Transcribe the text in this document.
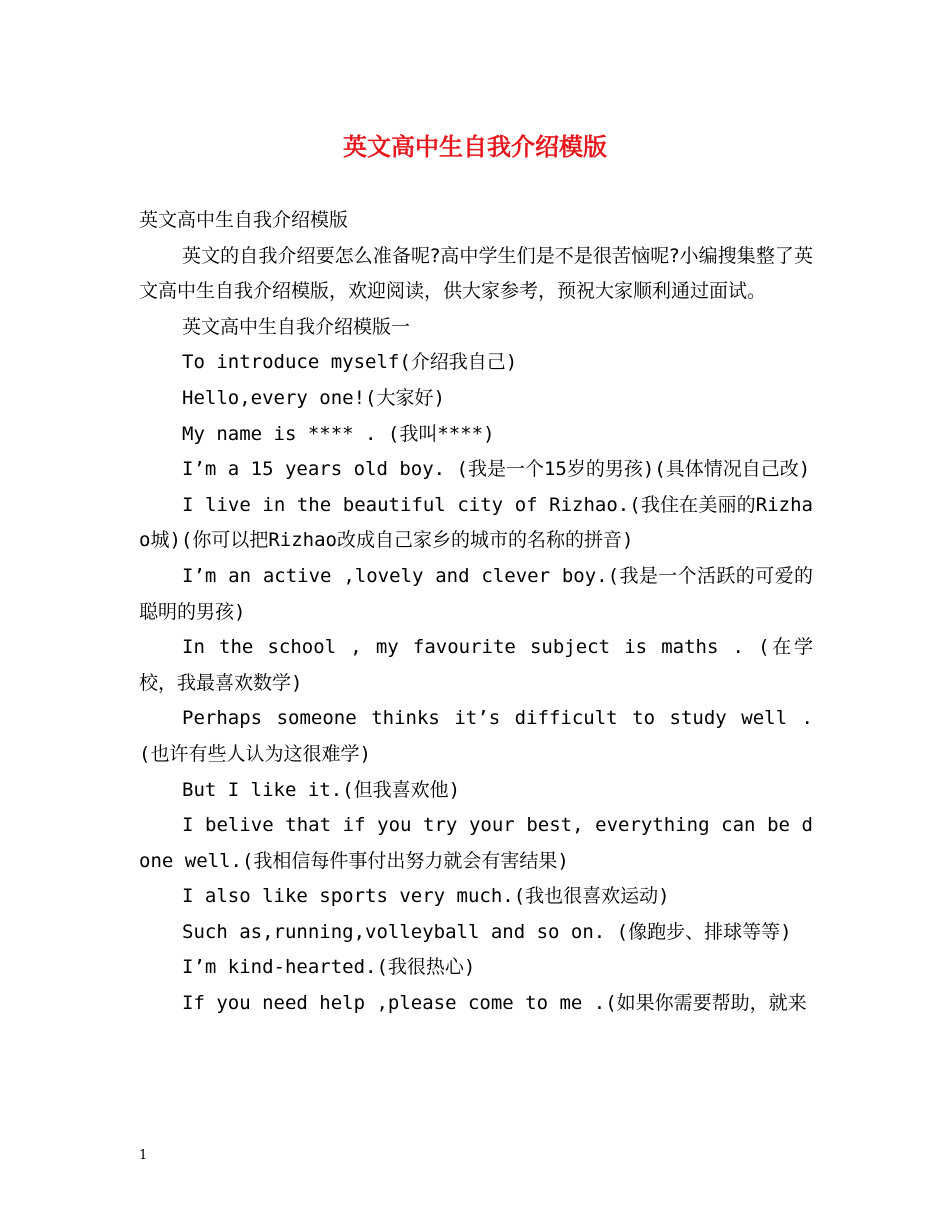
英文高中生自我介绍模版

英文高中生自我介绍模版

英文的自我介绍要怎么准备呢?高中学生们是不是很苦恼呢?小编搜集整了英文高中生自我介绍模版，欢迎阅读，供大家参考，预祝大家顺利通过面试。

英文高中生自我介绍模版一

To introduce myself(介绍我自己)

Hello,every one!(大家好)

My name is **** . (我叫****)

I’m a 15 years old boy. (我是一个15岁的男孩)(具体情况自己改)

I live in the beautiful city of Rizhao.(我住在美丽的Rizhao城)(你可以把Rizhao改成自己家乡的城市的名称的拼音)

I’m an active ,lovely and clever boy.(我是一个活跃的可爱的聪明的男孩)

In the school , my favourite subject is maths . (在学校，我最喜欢数学)

Perhaps someone thinks it’s difficult to study well .(也许有些人认为这很难学)

But I like it.(但我喜欢他)

I belive that if you try your best, everything can be done well.(我相信每件事付出努力就会有害结果)

I also like sports very much.(我也很喜欢运动)

Such as,running,volleyball and so on. (像跑步、排球等等)

I’m kind-hearted.(我很热心)

If you need help ,please come to me .(如果你需要帮助，就来

1
